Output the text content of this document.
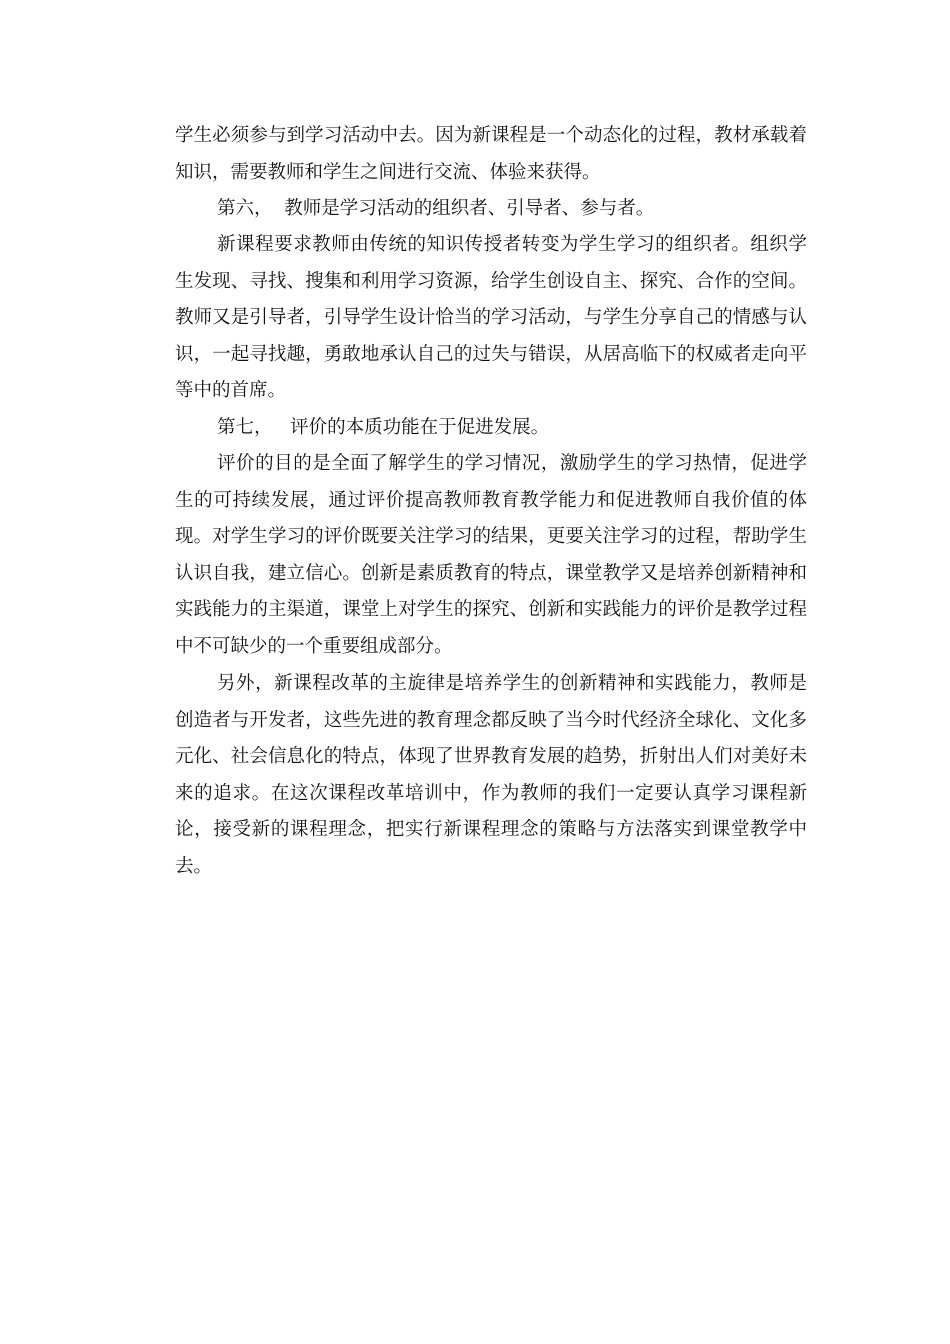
学生必须参与到学习活动中去。因为新课程是一个动态化的过程，教材承载着知识，需要教师和学生之间进行交流、体验来获得。

第六，  教师是学习活动的组织者、引导者、参与者。

新课程要求教师由传统的知识传授者转变为学生学习的组织者。组织学生发现、寻找、搜集和利用学习资源，给学生创设自主、探究、合作的空间。教师又是引导者，引导学生设计恰当的学习活动，与学生分享自己的情感与认识，一起寻找趣，勇敢地承认自己的过失与错误，从居高临下的权威者走向平等中的首席。

第七，   评价的本质功能在于促进发展。

评价的目的是全面了解学生的学习情况，激励学生的学习热情，促进学生的可持续发展，通过评价提高教师教育教学能力和促进教师自我价值的体现。对学生学习的评价既要关注学习的结果，更要关注学习的过程，帮助学生认识自我，建立信心。创新是素质教育的特点，课堂教学又是培养创新精神和实践能力的主渠道，课堂上对学生的探究、创新和实践能力的评价是教学过程中不可缺少的一个重要组成部分。

另外，新课程改革的主旋律是培养学生的创新精神和实践能力，教师是创造者与开发者，这些先进的教育理念都反映了当今时代经济全球化、文化多元化、社会信息化的特点，体现了世界教育发展的趋势，折射出人们对美好未来的追求。在这次课程改革培训中，作为教师的我们一定要认真学习课程新论，接受新的课程理念，把实行新课程理念的策略与方法落实到课堂教学中去。
